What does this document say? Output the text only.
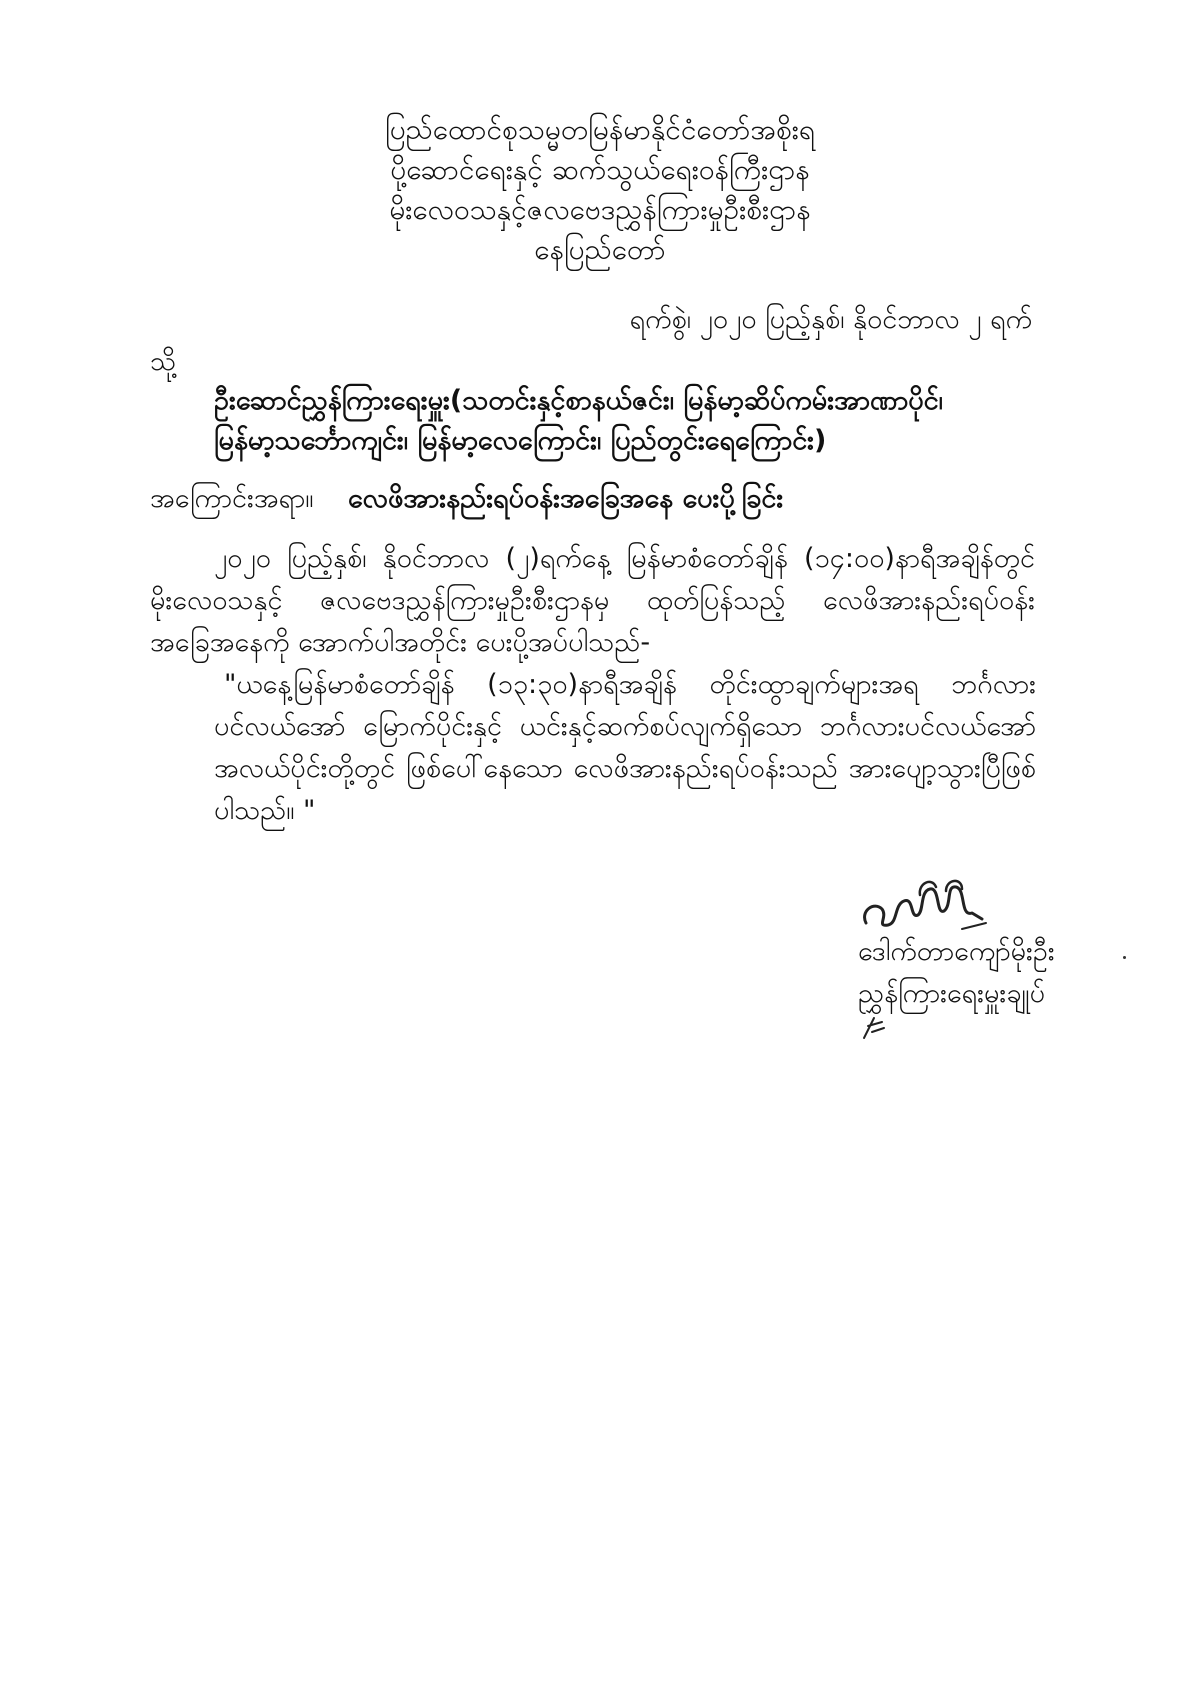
ပြည်ထောင်စုသမ္မတမြန်မာနိုင်ငံတော်အစိုးရ
ပို့ဆောင်ရေးနှင့် ဆက်သွယ်ရေးဝန်ကြီးဌာန
မိုးလေဝသနှင့်ဇလဗေဒညွှန်ကြားမှုဦးစီးဌာန
နေပြည်တော်
ရက်စွဲ၊ ၂၀၂၀ ပြည့်နှစ်၊ နိုဝင်ဘာလ ၂ ရက်
သို့
ဦးဆောင်ညွှန်ကြားရေးမှူး(သတင်းနှင့်စာနယ်ဇင်း၊ မြန်မာ့ဆိပ်ကမ်းအာဏာပိုင်၊
မြန်မာ့သင်္ဘောကျင်း၊ မြန်မာ့လေကြောင်း၊ ပြည်တွင်းရေကြောင်း)
အကြောင်းအရာ။ လေဖိအားနည်းရပ်ဝန်းအခြေအနေ ပေးပို့ခြင်း
၂၀၂၀ ပြည့်နှစ်၊ နိုဝင်ဘာလ (၂)ရက်နေ့ မြန်မာစံတော်ချိန် (၁၄:၀၀)နာရီအချိန်တွင် မိုးလေဝသနှင့် ဇလဗေဒညွှန်ကြားမှုဦးစီးဌာနမှ ထုတ်ပြန်သည့် လေဖိအားနည်းရပ်ဝန်းအခြေအနေကို အောက်ပါအတိုင်း ပေးပို့အပ်ပါသည်-
"ယနေ့မြန်မာစံတော်ချိန် (၁၃:၃၀)နာရီအချိန် တိုင်းထွာချက်များအရ ဘင်္ဂလားပင်လယ်အော် မြောက်ပိုင်းနှင့် ယင်းနှင့်ဆက်စပ်လျက်ရှိသော ဘင်္ဂလားပင်လယ်အော်အလယ်ပိုင်းတို့တွင် ဖြစ်ပေါ်နေသော လေဖိအားနည်းရပ်ဝန်းသည် အားပျော့သွားပြီဖြစ်ပါသည်။ "
ဒေါက်တာကျော်မိုးဦး
ညွှန်ကြားရေးမှူးချုပ်
